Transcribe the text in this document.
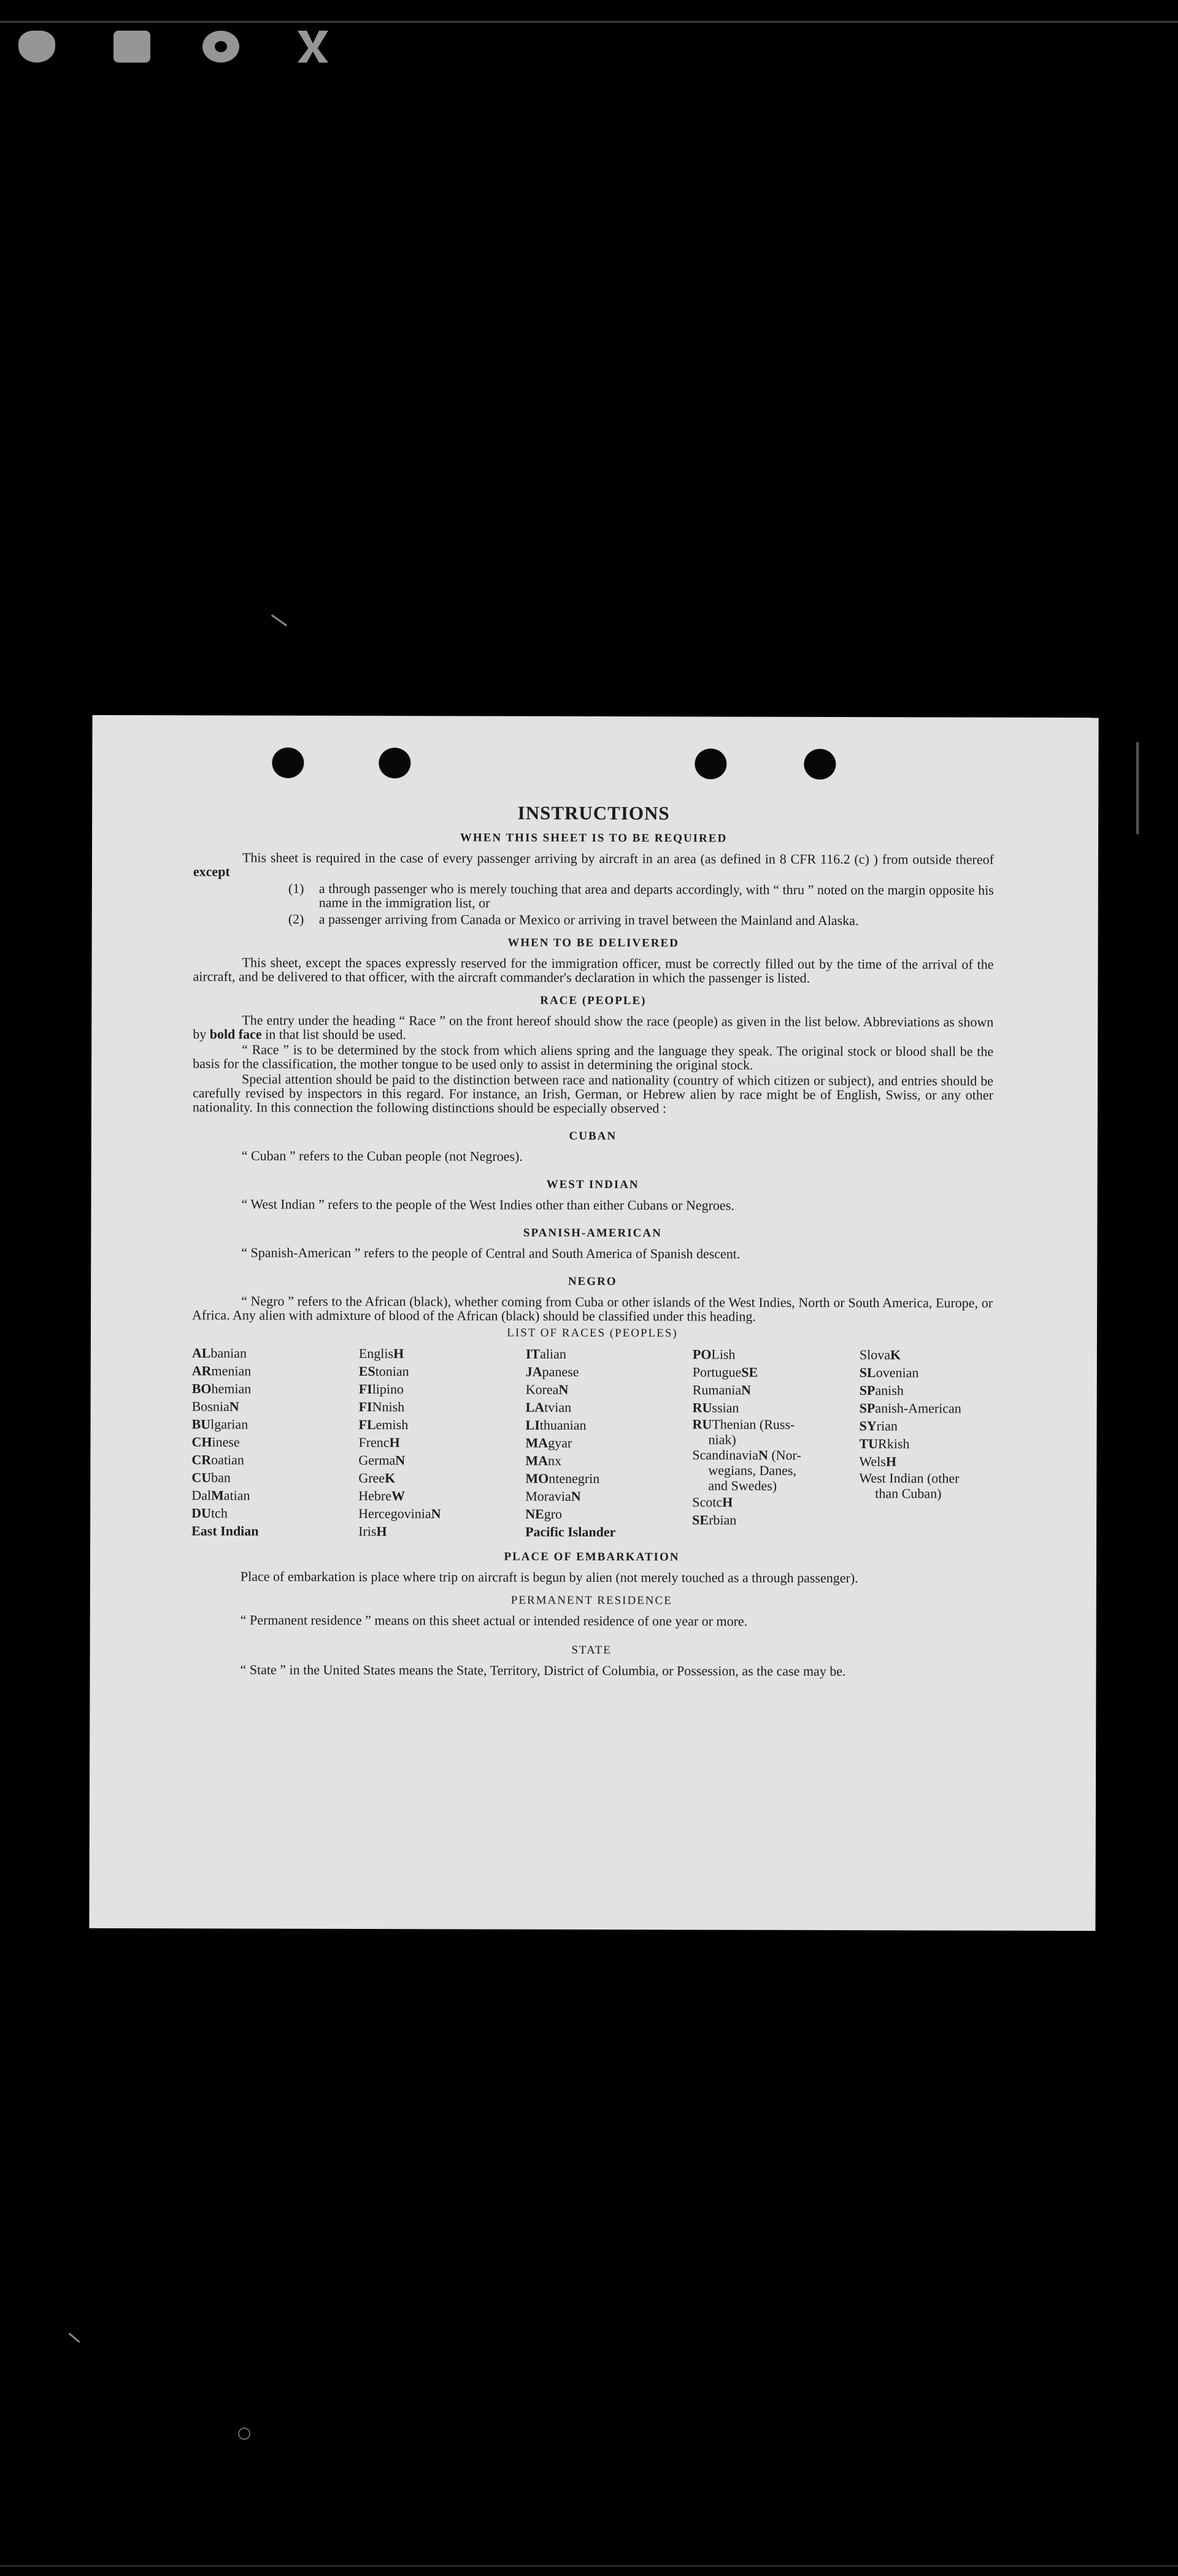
INSTRUCTIONS
WHEN THIS SHEET IS TO BE REQUIRED

This sheet is required in the case of every passenger arriving by aircraft in an area (as defined in 8 CFR 116.2 (c) ) from outside thereof except

(1)	a through passenger who is merely touching that area and departs accordingly, with “ thru ” noted on the margin opposite his name in the immigration list, or
(2)	a passenger arriving from Canada or Mexico or arriving in travel between the Mainland and Alaska.
WHEN TO BE DELIVERED

This sheet, except the spaces expressly reserved for the immigration officer, must be correctly filled out by the time of the arrival of the aircraft, and be delivered to that officer, with the aircraft commander's declaration in which the passenger is listed.

RACE (PEOPLE)

The entry under the heading “ Race ” on the front hereof should show the race (people) as given in the list below. Abbreviations as shown by bold face in that list should be used.

“ Race ” is to be determined by the stock from which aliens spring and the language they speak. The original stock or blood shall be the basis for the classification, the mother tongue to be used only to assist in determining the original stock.

Special attention should be paid to the distinction between race and nationality (country of which citizen or subject), and entries should be carefully revised by inspectors in this regard. For instance, an Irish, German, or Hebrew alien by race might be of English, Swiss, or any other nationality. In this connection the following distinctions should be especially observed :

CUBAN

“ Cuban ” refers to the Cuban people (not Negroes).

WEST INDIAN

“ West Indian ” refers to the people of the West Indies other than either Cubans or Negroes.

SPANISH-AMERICAN

“ Spanish-American ” refers to the people of Central and South America of Spanish descent.

NEGRO

“ Negro ” refers to the African (black), whether coming from Cuba or other islands of the West Indies, North or South America, Europe, or Africa. Any alien with admixture of blood of the African (black) should be classified under this heading.

LIST OF RACES (PEOPLES)
ALbanian
ARmenian
BOhemian
BosniaN
BUlgarian
CHinese
CRoatian
CUban
DalMatian
DUtch
East Indian
EnglisH
EStonian
FIlipino
FINnish
FLemish
FrencH
GermaN
GreeK
HebreW
HercegoviniaN
IrisH
ITalian
JApanese
KoreaN
LAtvian
LIthuanian
MAgyar
MAnx
MOntenegrin
MoraviaN
NEgro
Pacific Islander
POLish
PortugueSE
RumaniaN
RUssian
RUThenian (Russ-
niak)
ScandinaviaN (Nor-
wegians, Danes,
and Swedes)
ScotcH
SErbian
SlovaK
SLovenian
SPanish
SPanish-American
SYrian
TURkish
WelsH
West Indian (other
than Cuban)
PLACE OF EMBARKATION

Place of embarkation is place where trip on aircraft is begun by alien (not merely touched as a through passenger).

PERMANENT RESIDENCE

“ Permanent residence ” means on this sheet actual or intended residence of one year or more.

STATE

“ State ” in the United States means the State, Territory, District of Columbia, or Possession, as the case may be.
